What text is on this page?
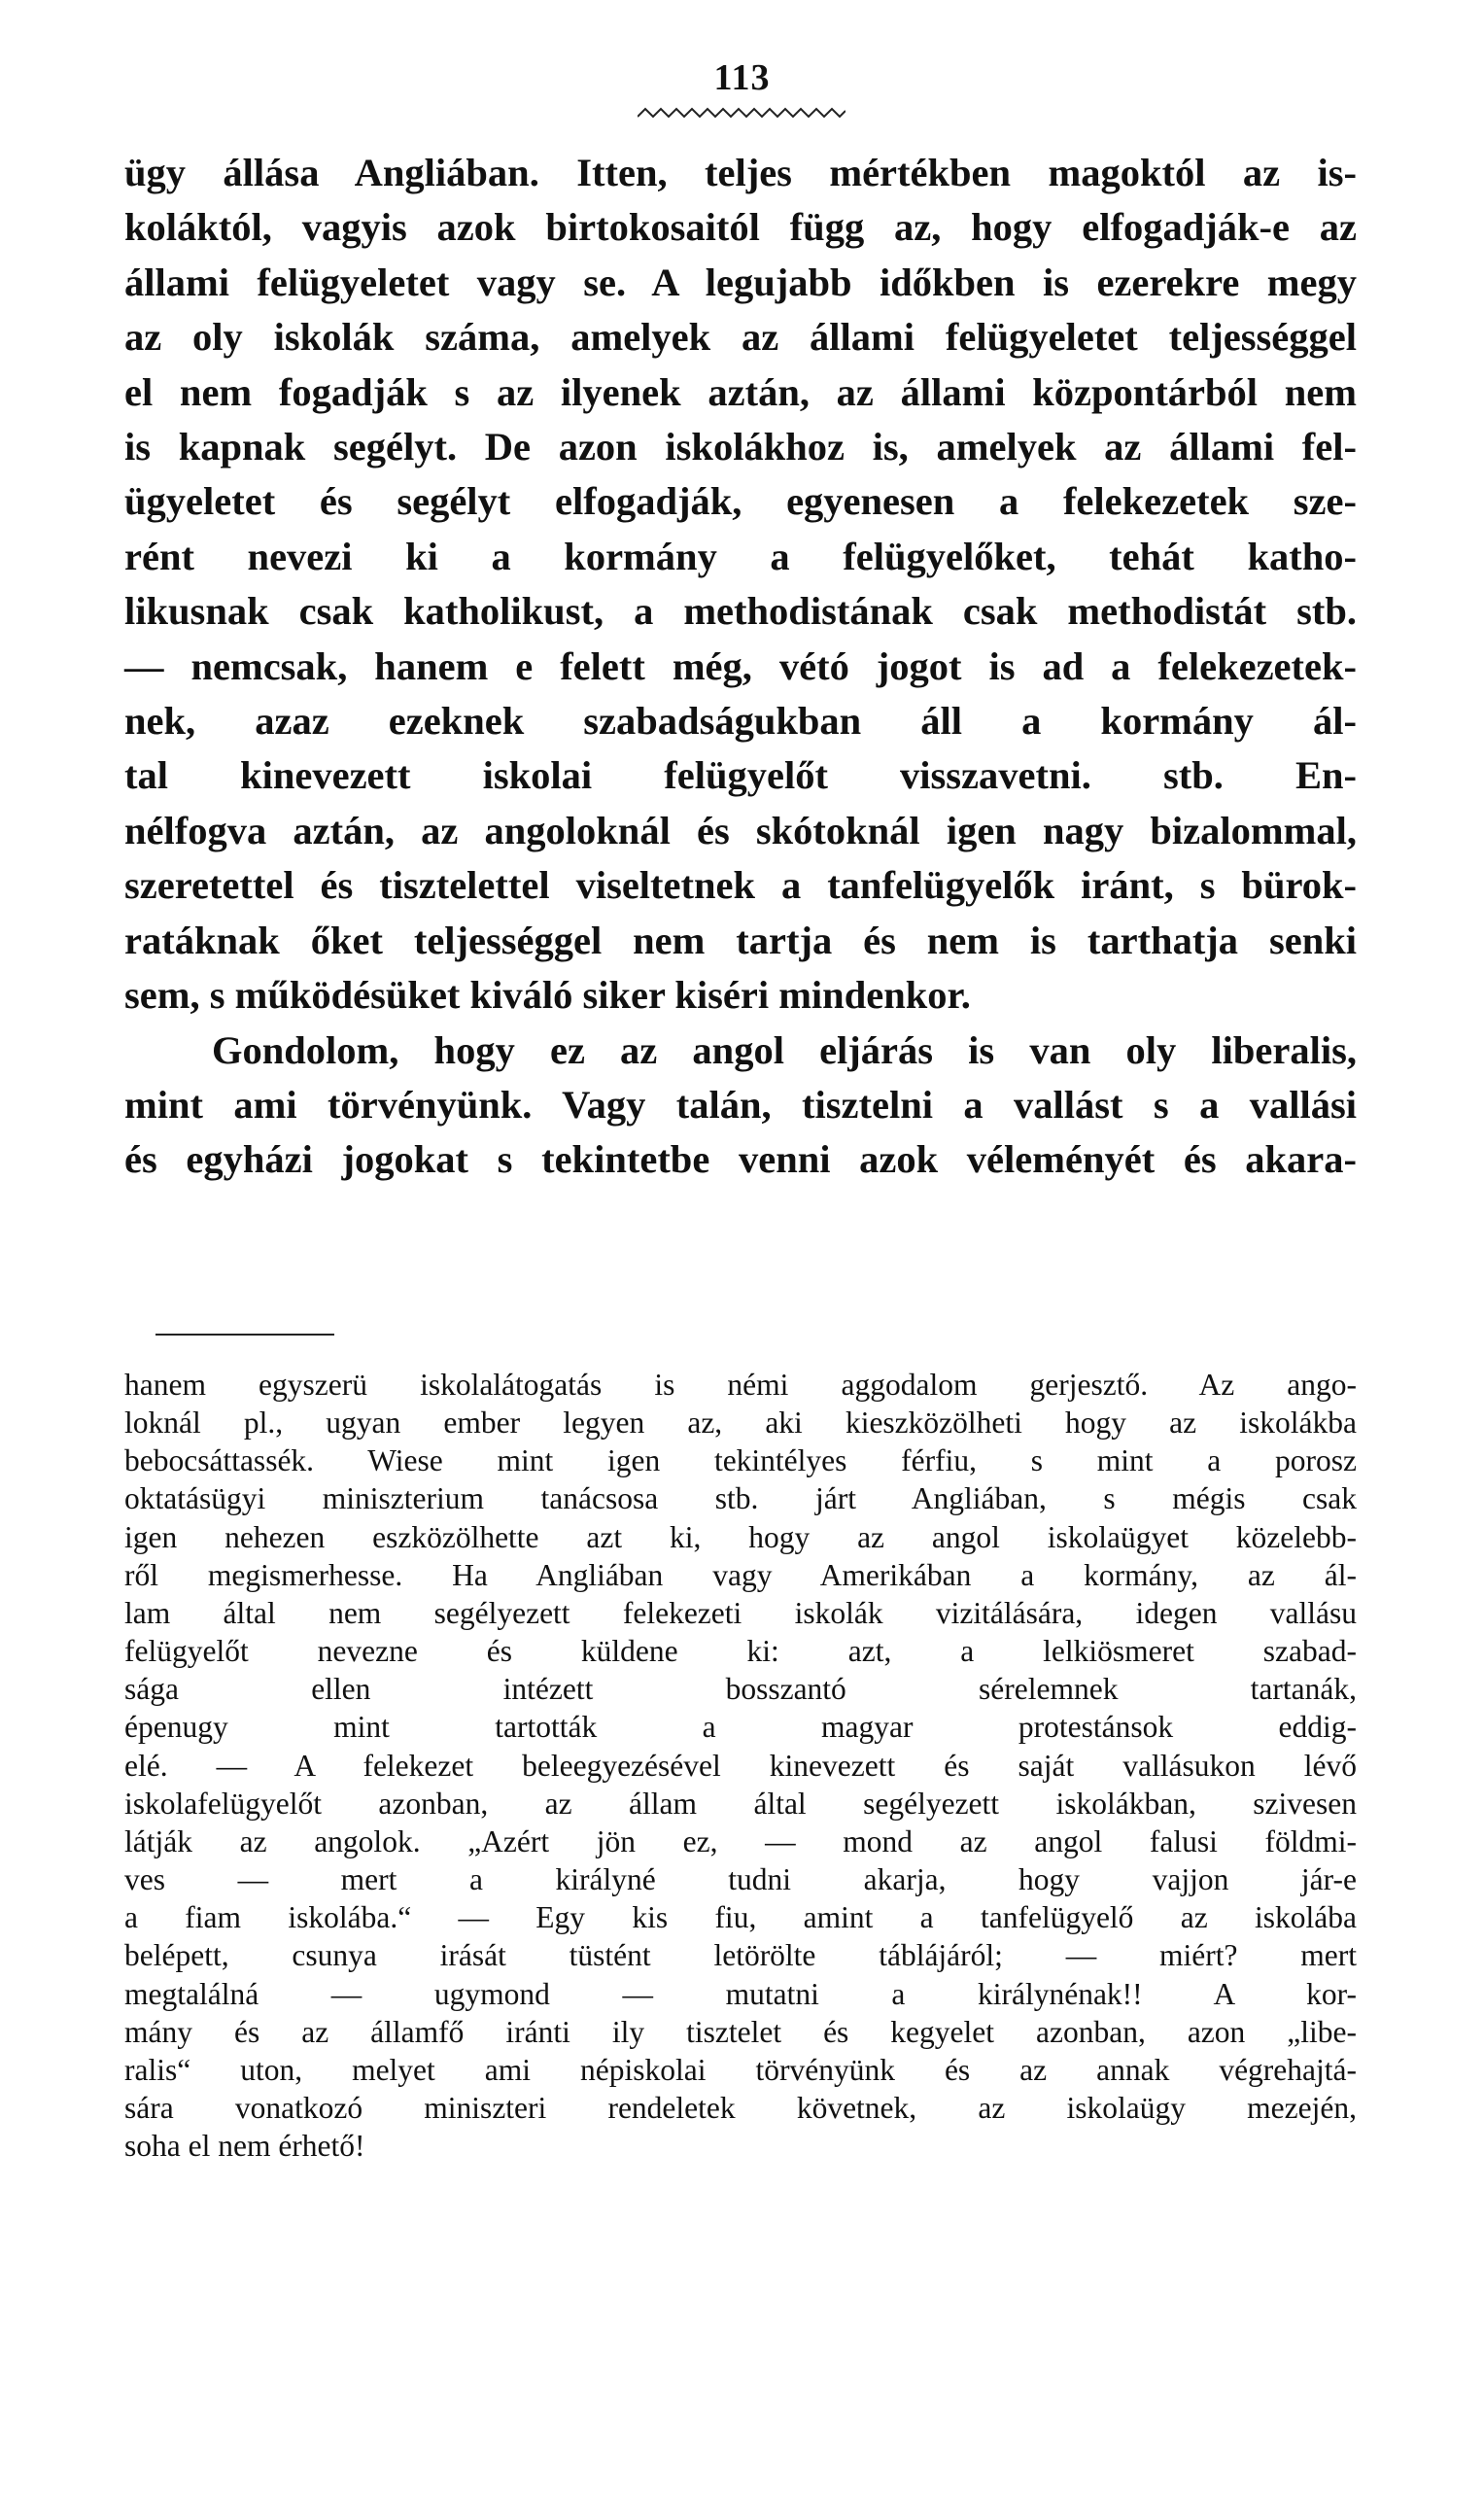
113
ügy állása Angliában. Itten, teljes mértékben magoktól az is-
koláktól, vagyis azok birtokosaitól függ az, hogy elfogadják-e az
állami felügyeletet vagy se. A legujabb időkben is ezerekre megy
az oly iskolák száma, amelyek az állami felügyeletet teljességgel
el nem fogadják s az ilyenek aztán, az állami központárból nem
is kapnak segélyt. De azon iskolákhoz is, amelyek az állami fel-
ügyeletet és segélyt elfogadják, egyenesen a felekezetek sze-
rént nevezi ki a kormány a felügyelőket, tehát katho-
likusnak csak katholikust, a methodistának csak methodistát stb.
— nemcsak, hanem e felett még, vétó jogot is ad a felekezetek-
nek, azaz ezeknek szabadságukban áll a kormány ál-
tal kinevezett iskolai felügyelőt visszavetni. stb. En-
nélfogva aztán, az angoloknál és skótoknál igen nagy bizalommal,
szeretettel és tisztelettel viseltetnek a tanfelügyelők iránt, s bürok-
ratáknak őket teljességgel nem tartja és nem is tarthatja senki
sem, s működésüket kiváló siker kiséri mindenkor.
Gondolom, hogy ez az angol eljárás is van oly liberalis,
mint ami törvényünk. Vagy talán, tisztelni a vallást s a vallási
és egyházi jogokat s tekintetbe venni azok véleményét és akara-
hanem egyszerü iskolalátogatás is némi aggodalom gerjesztő. Az ango-
loknál pl., ugyan ember legyen az, aki kieszközölheti hogy az iskolákba
bebocsáttassék. Wiese mint igen tekintélyes férfiu, s mint a porosz
oktatásügyi miniszterium tanácsosa stb. járt Angliában, s mégis csak
igen nehezen eszközölhette azt ki, hogy az angol iskolaügyet közelebb-
ről megismerhesse. Ha Angliában vagy Amerikában a kormány, az ál-
lam által nem segélyezett felekezeti iskolák vizitálására, idegen vallásu
felügyelőt nevezne és küldene ki: azt, a lelkiösmeret szabad-
sága ellen intézett bosszantó sérelemnek tartanák,
épenugy mint tartották a magyar protestánsok eddig-
elé. — A felekezet beleegyezésével kinevezett és saját vallásukon lévő
iskolafelügyelőt azonban, az állam által segélyezett iskolákban, szivesen
látják az angolok. „Azért jön ez, — mond az angol falusi földmi-
ves — mert a királyné tudni akarja, hogy vajjon jár-e
a fiam iskolába.“ — Egy kis fiu, amint a tanfelügyelő az iskolába
belépett, csunya irását tüstént letörölte táblájáról; — miért? mert
megtalálná — ugymond — mutatni a királynénak!! A kor-
mány és az államfő iránti ily tisztelet és kegyelet azonban, azon „libe-
ralis“ uton, melyet ami népiskolai törvényünk és az annak végrehajtá-
sára vonatkozó miniszteri rendeletek követnek, az iskolaügy mezején,
soha el nem érhető!
